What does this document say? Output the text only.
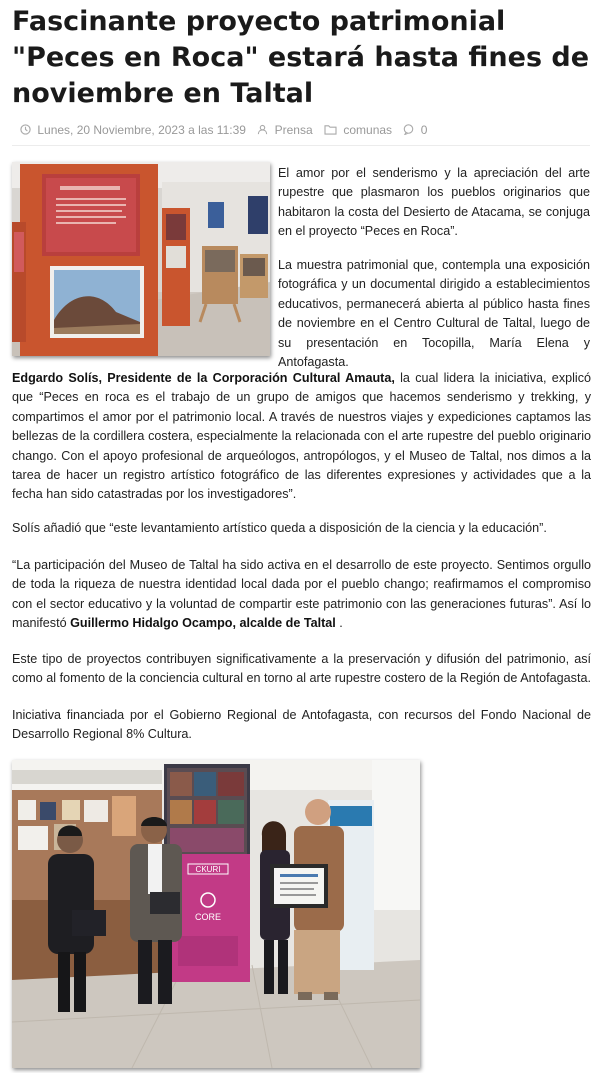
Fascinante proyecto patrimonial "Peces en Roca" estará hasta fines de noviembre en Taltal
Lunes, 20 Noviembre, 2023 a las 11:39 Prensa	comunas 0

El amor por el senderismo y la apreciación del arte rupestre que plasmaron los pueblos originarios que habitaron la costa del Desierto de Atacama, se conjuga en el proyecto “Peces en Roca”.

La muestra patrimonial que, contempla una exposición fotográfica y un documental dirigido a establecimientos educativos, permanecerá abierta al público hasta fines de noviembre en el Centro Cultural de Taltal, luego de su presentación en Tocopilla, María Elena y Antofagasta.

Edgardo Solís, Presidente de la Corporación Cultural Amauta, la cual lidera la iniciativa, explicó que “Peces en roca es el trabajo de un grupo de amigos que hacemos senderismo y trekking, y compartimos el amor por el patrimonio local. A través de nuestros viajes y expediciones captamos las bellezas de la cordillera costera, especialmente la relacionada con el arte rupestre del pueblo originario chango. Con el apoyo profesional de arqueólogos, antropólogos, y el Museo de Taltal, nos dimos a la tarea de hacer un registro artístico fotográfico de las diferentes expresiones y actividades que a la fecha han sido catastradas por los investigadores”.

Solís añadió que “este levantamiento artístico queda a disposición de la ciencia y la educación”.

“La participación del Museo de Taltal ha sido activa en el desarrollo de este proyecto. Sentimos orgullo de toda la riqueza de nuestra identidad local dada por el pueblo chango; reafirmamos el compromiso con el sector educativo y la voluntad de compartir este patrimonio con las generaciones futuras”. Así lo manifestó Guillermo Hidalgo Ocampo, alcalde de Taltal .

Este tipo de proyectos contribuyen significativamente a la preservación y difusión del patrimonio, así como al fomento de la conciencia cultural en torno al arte rupestre costero de la Región de Antofagasta.

Iniciativa financiada por el Gobierno Regional de Antofagasta, con recursos del Fondo Nacional de Desarrollo Regional 8% Cultura.

CKURI
CORE
